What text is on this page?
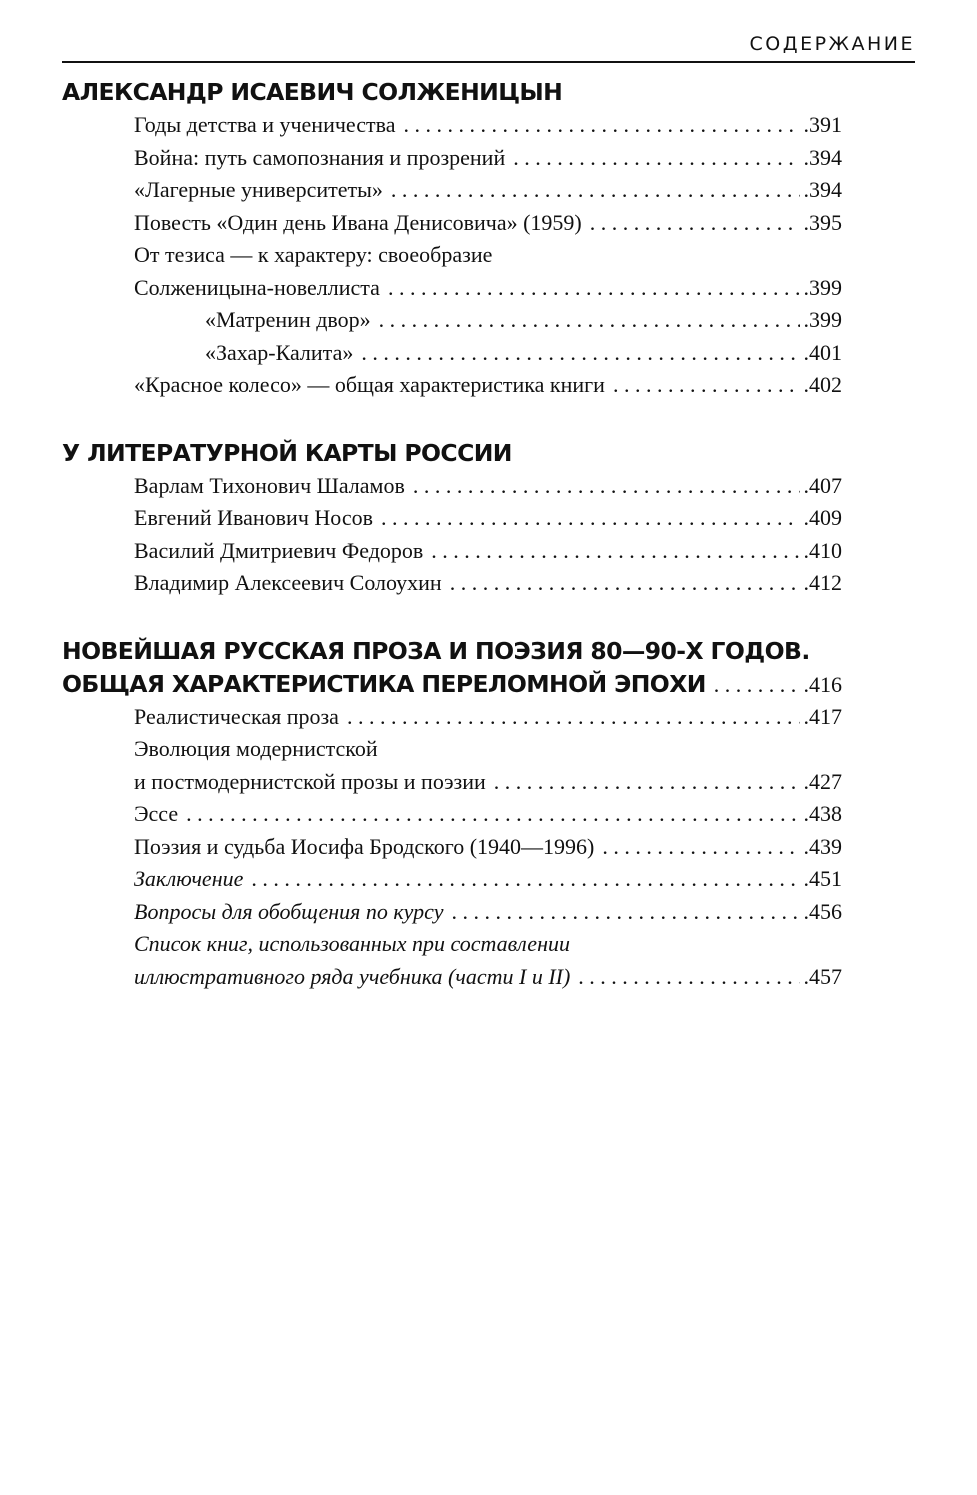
СОДЕРЖАНИЕ
АЛЕКСАНДР ИСАЕВИЧ СОЛЖЕНИЦЫН
Годы детства и ученичества . . .	.391
Война: путь самопознания и прозрений . . .	.394
«Лагерные университеты» . . .	.394
Повесть «Один день Ивана Денисовича» (1959) . . .	.395
От тезиса — к характеру: своеобразие
Солженицына-новеллиста . . .	.399
«Матренин двор» . . .	.399
«Захар-Калита» . . .	.401
«Красное колесо» — общая характеристика книги . . .	.402
У ЛИТЕРАТУРНОЙ КАРТЫ РОССИИ
Варлам Тихонович Шаламов . . .	.407
Евгений Иванович Носов . . .	.409
Василий Дмитриевич Федоров . . .	.410
Владимир Алексеевич Солоухин . . .	.412
НОВЕЙШАЯ РУССКАЯ ПРОЗА И ПОЭЗИЯ 80—90-Х ГОДОВ.
ОБЩАЯ ХАРАКТЕРИСТИКА ПЕРЕЛОМНОЙ ЭПОХИ . . .	.416
Реалистическая проза . . .	.417
Эволюция модернистской
и постмодернистской прозы и поэзии . . .	.427
Эссе . . .	.438
Поэзия и судьба Иосифа Бродского (1940—1996) . . .	.439
Заключение . . .	.451
Вопросы для обобщения по курсу . . .	.456
Список книг, использованных при составлении
иллюстративного ряда учебника (части I и II) . . .	.457
